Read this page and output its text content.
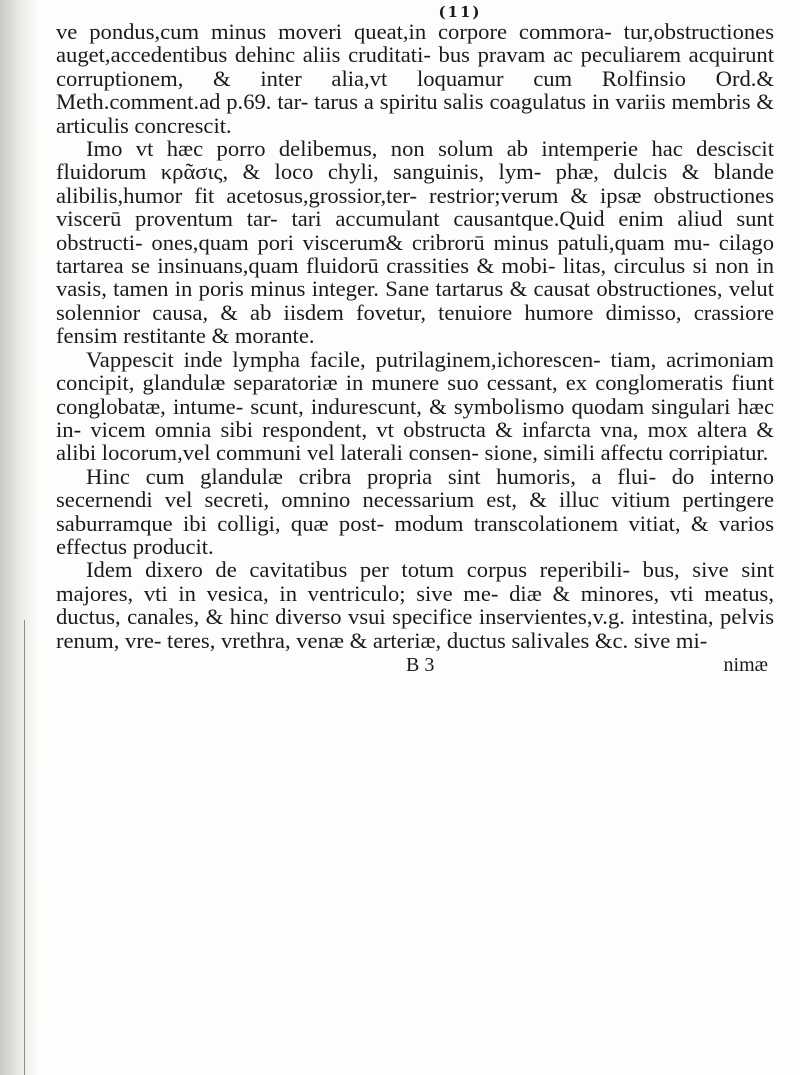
(11)

ve pondus,cum minus moveri queat,in corpore commora- tur,obstructiones auget,accedentibus dehinc aliis cruditati- bus pravam ac peculiarem acquirunt corruptionem, & inter alia,vt loquamur cum Rolfinsio Ord.& Meth.comment.ad p.69. tar- tarus a spiritu salis coagulatus in variis membris & articulis concrescit.

Imo vt hæc porro delibemus, non solum ab intemperie hac desciscit fluidorum κρᾶσις, & loco chyli, sanguinis, lym- phæ, dulcis & blande alibilis,humor fit acetosus,grossior,ter- restrior;verum & ipsæ obstructiones viscerū proventum tar- tari accumulant causantque.Quid enim aliud sunt obstructi- ones,quam pori viscerum& cribrorū minus patuli,quam mu- cilago tartarea se insinuans,quam fluidorū crassities & mobi- litas, circulus si non in vasis, tamen in poris minus integer. Sane tartarus & causat obstructiones, velut solennior causa, & ab iisdem fovetur, tenuiore humore dimisso, crassiore fensim restitante & morante.

Vappescit inde lympha facile, putrilaginem,ichorescen- tiam, acrimoniam concipit, glandulæ separatoriæ in munere suo cessant, ex conglomeratis fiunt conglobatæ, intume- scunt, indurescunt, & symbolismo quodam singulari hæc in- vicem omnia sibi respondent, vt obstructa & infarcta vna, mox altera & alibi locorum,vel communi vel laterali consen- sione, simili affectu corripiatur.

Hinc cum glandulæ cribra propria sint humoris, a flui- do interno secernendi vel secreti, omnino necessarium est, & illuc vitium pertingere saburramque ibi colligi, quæ post- modum transcolationem vitiat, & varios effectus producit.

Idem dixero de cavitatibus per totum corpus reperibili- bus, sive sint majores, vti in vesica, in ventriculo; sive me- diæ & minores, vti meatus, ductus, canales, & hinc diverso vsui specifice inservientes,v.g. intestina, pelvis renum, vre- teres, vrethra, venæ & arteriæ, ductus salivales &c. sive mi-

B 3	nimæ
